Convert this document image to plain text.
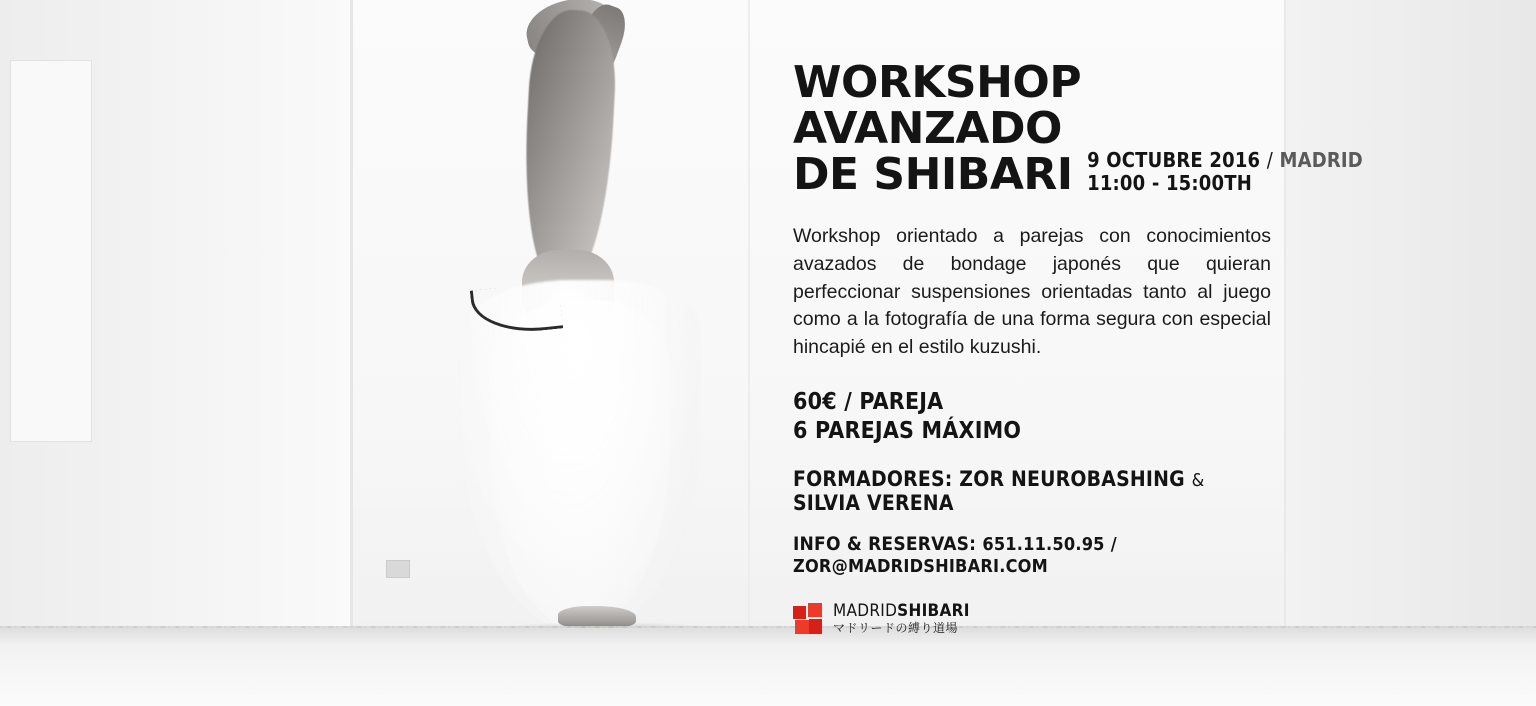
WORKSHOP
AVANZADO
DE SHIBARI 9 OCTUBRE 2016 / MADRID
11:00 - 15:00TH

Workshop orientado a parejas con conocimientos avazados de bondage japonés que quieran perfeccionar suspensiones orientadas tanto al juego como a la fotografía de una forma segura con especial hincapié en el estilo kuzushi.

60€ / PAREJA
6 PAREJAS MÁXIMO
FORMADORES: ZOR NEUROBASHING & SILVIA VERENA
INFO & RESERVAS: 651.11.50.95 / ZOR@MADRIDSHIBARI.COM
MADRIDSHIBARI
マドリードの縛り道場
